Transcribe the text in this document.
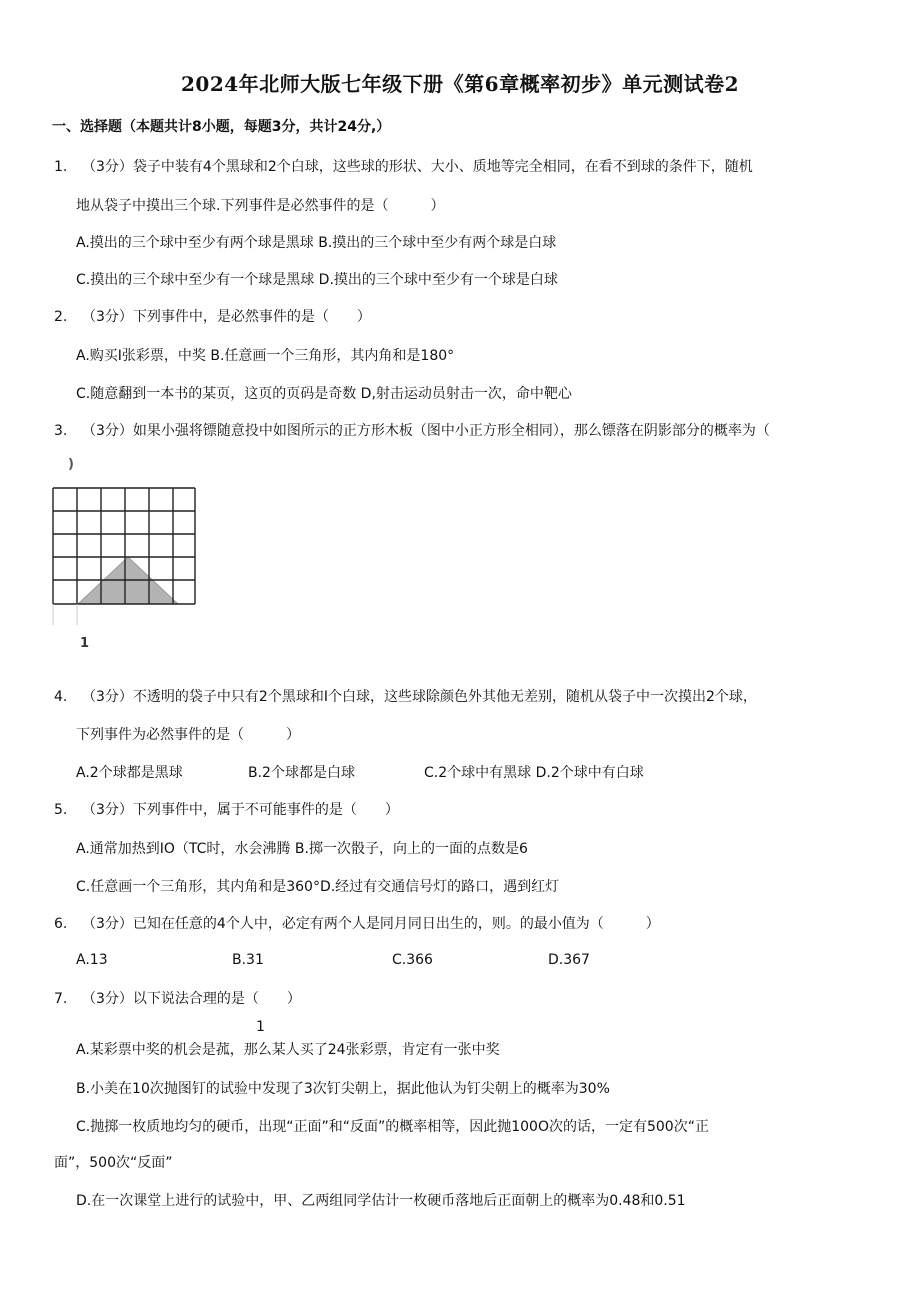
2024年北师大版七年级下册《第6章概率初步》单元测试卷2
一、选择题（本题共计8小题，每题3分，共计24分,）
1. （3分）袋子中装有4个黑球和2个白球，这些球的形状、大小、质地等完全相同，在看不到球的条件下，随机
地从袋子中摸出三个球.下列事件是必然事件的是（　　　）
A.摸出的三个球中至少有两个球是黑球 B.摸出的三个球中至少有两个球是白球
C.摸出的三个球中至少有一个球是黑球 D.摸出的三个球中至少有一个球是白球
2. （3分）下列事件中，是必然事件的是（　　）
A.购买I张彩票，中奖 B.任意画一个三角形，其内角和是180°
C.随意翻到一本书的某页，这页的页码是奇数 D,射击运动员射击一次，命中靶心
3. （3分）如果小强将镖随意投中如图所示的正方形木板（图中小正方形全相同），那么镖落在阴影部分的概率为（
)
1
4. （3分）不透明的袋子中只有2个黑球和I个白球，这些球除颜色外其他无差别，随机从袋子中一次摸出2个球，
下列事件为必然事件的是（　　　）
A.2个球都是黑球	B.2个球都是白球	C.2个球中有黑球 D.2个球中有白球
5. （3分）下列事件中，属于不可能事件的是（　　）
A.通常加热到IO（TC时，水会沸腾 B.掷一次骰子，向上的一面的点数是6
C.任意画一个三角形，其内角和是360°D.经过有交通信号灯的路口，遇到红灯
6. （3分）已知在任意的4个人中，必定有两个人是同月同日出生的，则。的最小值为（　　　）
A.13	B.31	C.366	D.367
7. （3分）以下说法合理的是（　　）
1
A.某彩票中奖的机会是菰，那么某人买了24张彩票，肯定有一张中奖
B.小美在10次抛图钉的试验中发现了3次钉尖朝上，据此他认为钉尖朝上的概率为30%
C.抛掷一枚质地均匀的硬币，出现“正面”和“反面”的概率相等，因此抛100O次的话，一定有500次“正
面”，500次“反面”
D.在一次课堂上进行的试验中，甲、乙两组同学估计一枚硬币落地后正面朝上的概率为0.48和0.51
